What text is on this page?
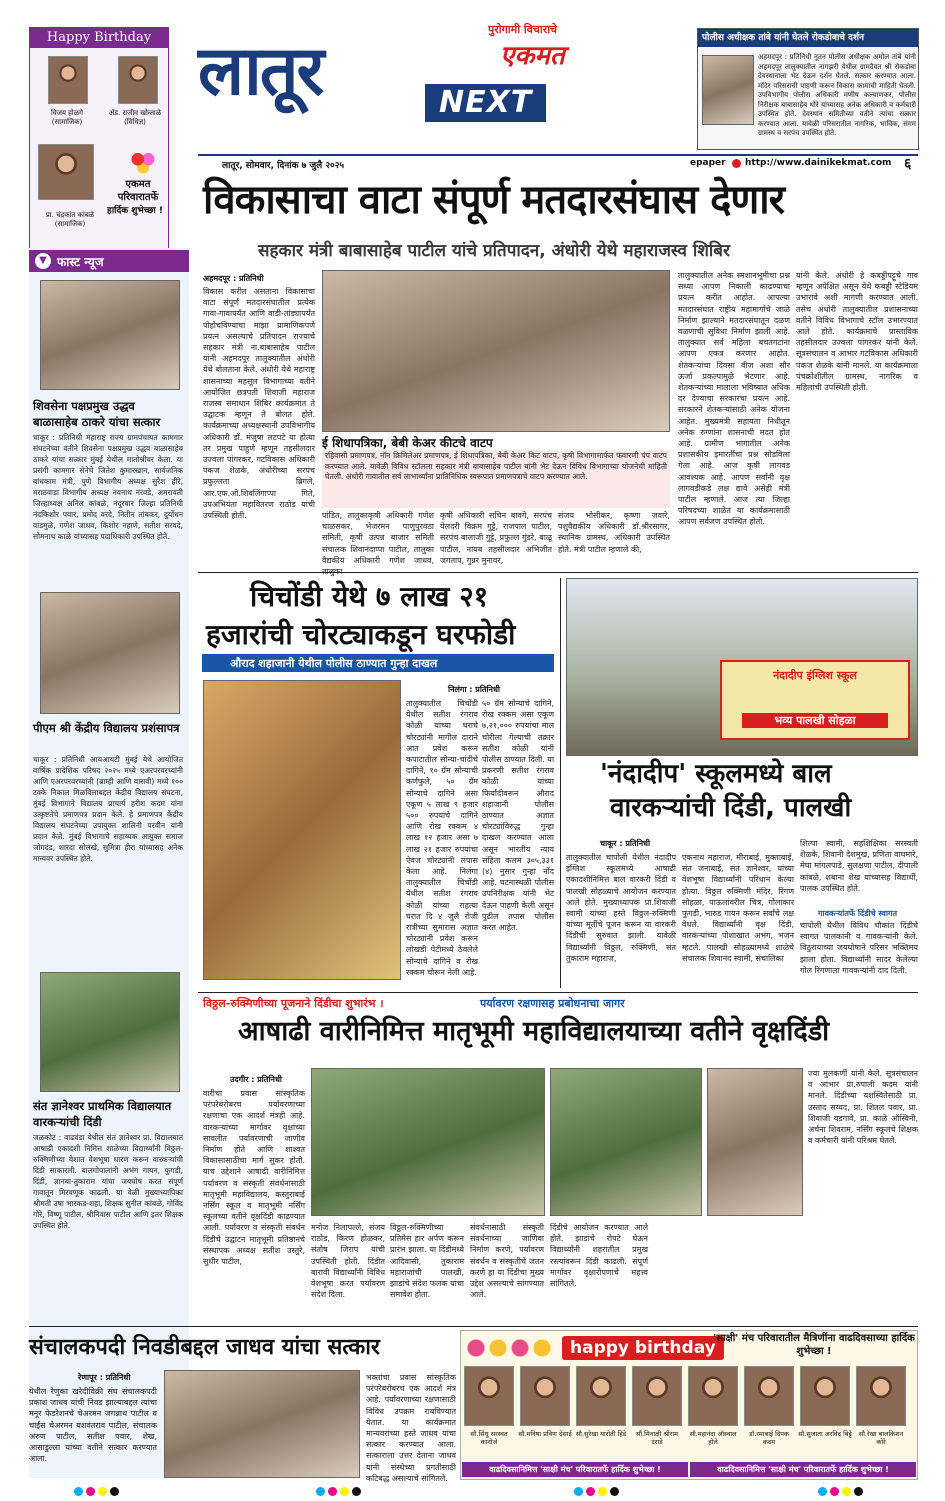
Happy Birthday
विजय होळगे
(सामाजिक)
ॲड. राजीव खोन्ताळे
(विधिज्ञ)
प्रा. चंद्रकांत कांबळे
(सामाजिक)
एकमत
परिवारातर्फे
हार्दिक शुभेच्छा !
लातूर	NEXT
पुरोगामी विचाराचे
एकमत
पोलीस अधीक्षक तांबे यांनी घेतले रोकडोबाचे दर्शन
अहमदपूर : प्रतिनिधी नूतन पोलीस अधीक्षक अमोल तांबे यांनी अहमदपूर तालुक्यातील नागझरी येथील ग्रामदैवत श्री रोकडोबा देवस्थानाला भेट देऊन दर्शन घेतले. सत्कार करण्यात आला. मंदिर परिसराची पाहणी करून विकास कामांची माहिती घेतली. उपविभागीय पोलीस अधिकारी मणीष कल्याणकर, पोलीस निरीक्षक बाबासाहेब थोरे यांच्यासह अनेक अधिकारी व कर्मचारी उपस्थित होते. देवस्थान समितीच्या वतीने त्यांचा सत्कार करण्यात आला. यावेळी परिसरातील नागरिक, भाविक, संगम ग्रामस्थ व सरपंच उपस्थित होते.
लातूर, सोमवार, दिनांक ७ जुलै २०२५	epaper http://www.dainikekmat.com ६
विकासाचा वाटा संपूर्ण मतदारसंघास देणार
सहकार मंत्री बाबासाहेब पाटील यांचे प्रतिपादन, अंधोरी येथे महाराजस्व शिबिर
▼ फास्ट न्यूज
शिवसेना पक्षप्रमुख उद्धव बाळासाहेब ठाकरे यांचा सत्कार
चाकूर : प्रतिनिधी महाराष्ट्र राज्य ग्रामपंचायत कामगार संघटनेच्या वतीने शिवसेना पक्षप्रमुख उद्धव बाळासाहेब ठाकरे यांचा सत्कार मुंबई येथील मातोश्रीवर केला. या प्रसंगी कामगार सेनेचे जितेश कुमारखान, सार्वजनिक बांधकाम मंत्री, पुणे विभागीय अध्यक्ष सुरेश हीरे, मराठवाडा विभागीय अध्यक्ष नवनाथ नरवडे, अमरावती जिल्हाध्यक्ष अनिल कांबळे, नंदुरबार जिल्हा प्रतिनिधी नंदकिशोर पवार, प्रमोद वरदे, नितीन तांबकर, दुर्योधन वाडमुळे, गणेश जाधव, किशोर नहाणे, सतीश सरवदे, सोमनाथ काळे यांच्यासह पदाधिकारी उपस्थित होते.
पीएम श्री केंद्रीय विद्यालय प्रशंसापत्र
चाकूर : प्रतिनिधी आयआयटी मुंबई येथे आयोजित वार्षिक प्रादेशिक परिषद २०२५ मध्ये एअरपरवरच्यांनी आणि एअरपरवरच्यांनी (ब्राम्ही आणि वासवी) मध्ये १०० टक्के निकाल मिळविलाबद्दल केंद्रीय विद्यालय संघटना, मुंबई विभागाने विद्यालय प्राचार्य हरीश कदम यांना उत्कृष्टतेचे प्रमाणपत्र प्रदान केले. हे प्रमाणपत्र केंद्रीय विद्यालय संघटनेच्या उपायुक्त शालिनी परवीन यांनी प्रदान केले. मुंबई विभागाचे सहाय्यक आयुक्त समाज जोगदंड, शारदा सोलंखे, सुमित्रा हीरा यांच्यासह अनेक मान्यवर उपस्थित होते.
संत ज्ञानेश्वर प्राथमिक विद्यालयात वारकऱ्यांची दिंडी
जळकोट : वाढवंडा येथील संत ज्ञानेश्वर प्रा. विद्यालयात आषाढी एकादशी निमित्त शाळेच्या विद्यार्थ्यांनी विठ्ठल-रुक्मिणीच्या वेशात वेशभूषा धारण करून वारकऱ्यांची दिंडी साकारली. बालगोपालांनी अभंग गायन, फुगडी, दिंडी, ज्ञानबा-तुकाराम यांचा जयघोष करत संपूर्ण गावातून मिरवणूक काढली. या वेळी मुख्याध्यापिका श्रीमती उषा भारकड-शहा, शिक्षक सुनील कांबळे, गोविंद गोरे, विष्णू पाटील, श्रीनिवास पाटील आणि इतर शिक्षक उपस्थित होते.
अहमदपूर : प्रतिनिधी
विकास करीत असताना विकासाचा वाटा संपूर्ण मतदारसंघातील प्रत्येक गावा-गावापर्यंत आणि वाडी-तांड्यापर्यंत पोहोचविण्याचा माझा प्रामाणिकपणे प्रयत्न असल्याचे प्रतिपादन राज्याचे सहकार मंत्री ना.बाबासाहेब पाटील यांनी अहमदपूर तालुक्यातील अंधोरी येथे बोलताना केले. अंधोरी येथे महाराष्ट्र शासनाच्या महसूल विभागाच्या वतीने आयोजित छत्रपती शिवाजी महाराज राजस्व समाधान शिबिर कार्यक्रमात ते उद्घाटक म्हणून ते बोलत होते. कार्यक्रमाच्या अध्यक्षस्थानी उपविभागीय अधिकारी डॉ. मंजुषा लटपटे या होत्या तर प्रमुख पाहुणे म्हणून तहसीलदार उज्वला पांगरकर, गटविकास अधिकारी पंकज शेळके, अंधोरीच्या सरपंच प्रफुल्लता ब्रिगले, आर.एफ.ओ.शिवलिंगाप्पा गिते, उपअभियंता महावितरण राठोड यांची उपस्थिती होती.
ई शिधापत्रिका, बेबी केअर कीटचे वाटप
रहिवासी प्रमाणपत्र, नॉन क्रिमिलेअर प्रमाणपत्र, ई शिधापत्रिका, बेबी केअर किट वाटप, कृषी विभागामार्फत फवारणी पंप वाटप करण्यात आले. यावेळी विविध स्टॉलला सहकार मंत्री बाबासाहेब पाटील यांनी भेट देऊन विविध विभागाच्या योजनेची माहिती घेतली. अंधोरी गावातील सर्व लाभार्थ्यांना प्रातिनिधिक स्वरूपात प्रमाणपत्राचे वाटप करण्यात आले.
पांडित, तालुकाकृषी अधिकारी गणेश चाळसकर, भेजरमन पाणुपुरवठा समिती, कृषी उत्पन्न बाजार समिती संचालक शिवानंदाप्पा पाटील, तालुका वैद्यकीय अधिकारी गणेश जाधव,
कृषी अधिकारी सचिन बावगे, सरपंच येलदरी विक्रम गुट्टे, राजपाल पाटील, सरपंच बालाजी गुट्टे, प्रफुल्ल गुंडरे, बाळू पाटील, नायब तहसीलदार अभिजीत जगताप, गुन्नर मुनावर,
संजय भोसीकर, कृष्णा जवारे, पशुवैद्यकीय अधिकारी डॉ.श्रीरसागर, स्थानिक ग्रामस्थ, अधिकारी उपस्थित होते. मंत्री पाटील म्हणाले की,
तालुक्यातील अनेक स्मशानभूमीचा प्रश्न सध्या आपण निकाली काढण्याचा प्रयत्न करीत आहोत. आपल्या मतदारसंघात राष्ट्रीय महामार्गाचे जाळे निर्माण झाल्याने मतदारसंघातून दळण वळणाची सुविधा निर्माण झाली आहे. तालुक्यात सर्व महिला बचतगटांना आपण एकत्र करणार आहोत. शेतकऱ्यांचा दिवसा वीज अशा सौर ऊर्जा प्रकल्पामुळे भेटणार आहे. शेतकऱ्यांच्या मालाला भविष्यात अधिक दर देण्याचा सरकारचा प्रयत्न आहे. सरकारने शेतकऱ्यांसाठी अनेक योजना आहेत. मुख्यमंत्री सहायता निधीतून अनेक रुग्णांना शासनाची मदत होत आहे. ग्रामीण भागातील अनेक प्रशासकीय इमारतींचा प्रश्न सोडविला गेला आहे. आज कृषी लागवड आवश्यक आहे. आपण सर्वांनी वृक्ष लागवडीकडे लक्ष द्यावे असेही मंत्री पाटील म्हणाले. आज त्या जिल्हा परिषदच्या शाळेत या कार्यक्रमासाठी आपण सर्वजण उपस्थित होतो.
यांनी केले. अंधोरी हे कबड्डीपट्टूचे गाव म्हणून अपेक्षित असून येथे कबड्डी स्टेडियम उभारावे अशी मागणी करण्यात आली. तसेच अंधोरी तालुक्यातील प्रशासनाच्या वतीने विविध विभागाचे स्टॉल उभारण्यात आले होते. कार्यक्रमाचे प्रास्ताविक तहसीलदार उज्वला पांगरकर यांनी केले. सूत्रसंचालन व आभार गटविकास अधिकारी पंकज शेळके यांनी मानले. या कार्यक्रमाला पंचक्रोशीतील ग्रामस्थ, नागरिक व महिलांची उपस्थिती होती.
चिचोंडी येथे ७ लाख २१
हजारांची चोरट्याकडून घरफोडी
औराद शहाजानी येथील पोलीस ठाण्यात गुन्हा दाखल
निलंगा : प्रतिनिधी
तालुक्यातील चिचोंडी येथील सतीश रंगराव कोळी यांच्या घराचे चोरट्यांनी मागील दाराने आत प्रवेश करून कपाटातील सोन्या-चांदीचे दागिने, १० ग्रॅम सोन्याची कर्णफुले, ५० ग्रॅम सोन्याचे दागिने असा एकूण ५ लाख ९ हजार ५०० रुपयांचे दागिने आणि रोख रक्कम ४ लाख १२ हजार असा ७ लाख २१ हजार रुपयांचा ऐवज चोरट्यांनी लंपास केला आहे. निलंगा तालुक्यातील चिचोंडी येथील सतीश रंगराव कोळी यांच्या राहत्या घरात दि ४ जुलै रोजी रात्रीच्या सुमारास अज्ञात चोरट्यांनी प्रवेश करून लोखंडी पेटीमध्ये ठेवलेले सोन्याचे दागिने व रोख रक्कम चोरून नेली आहे.
५० ग्रॅम सोन्याचे दागिने, रोख रक्कम असा एकूण ७,२१,००० रुपयांचा माल चोरीला गेल्याची तक्रार सतीश कोळी यांनी पोलीस ठाण्यात दिली. या प्रकरणी सतीश रंगराव कोळी यांच्या फिर्यादीवरून औराद शहाजानी पोलीस ठाण्यात अज्ञात चोरट्यांविरुद्ध गुन्हा दाखल करण्यात आला असून भारतीय न्याय संहिता कलम ३०५,३३१ (४) नुसार गुन्हा नोंद आहे. घटनास्थळी पोलीस उपनिरीक्षक यांनी भेट देऊन पाहणी केली असून पुढील तपास पोलीस करत आहेत.
नंदादीप इंग्लिश स्कूल
भव्य पालखी सोहळा
'नंदादीप' स्कूलमध्ये बाल
वारकऱ्यांची दिंडी, पालखी
चाकूर : प्रतिनिधी
तालुक्यातील चापोली येथील नंदादीप इंग्लिश स्कूलमध्ये आषाढी एकादशीनिमित्त बाल वारकरी दिंडी व पालखी सोहळ्याचे आयोजन करण्यात आले होते. मुख्याध्यापक प्रा.शिवाजी स्वामी यांच्या हस्ते विठ्ठल-रुक्मिणी यांच्या मूर्तीचे पूजन करून या वारकरी दिंडीची सुरुवात झाली. यावेळी विद्यार्थ्यांनी विठ्ठल, रुक्मिणी, संत तुकाराम महाराज,
एकनाथ महाराज, मीराबाई, मुक्ताबाई, संत जनाबाई, संत ज्ञानेश्वर, यांच्या वेशभूषा विद्यार्थ्यांनी परिधान केल्या होत्या. विठ्ठल रुक्मिणी मंदिर, रिंगण सोहळा, पाऊलांवरील चित्र, गोलाकार फुगडी, भारुड गायन करून सर्वांचे लक्ष वेधले. विद्यार्थ्यांनी वृक्ष दिंडी, वारकऱ्यांच्या पोशाखात अभंग, भजन म्हटले. पालखी सोहळ्यामध्ये शाळेचे संचालक शिवानंद स्वामी, संचालिका
शिल्पा स्वामी, सहशिक्षिका सरस्वती शेळके, शिवानी देशमुख, प्रणिता वाघमारे, मेघा मांगलपाडे, सुलक्षणा पाटील, दीपाली कांबळे, शबाना शेख यांच्यासह विद्यार्थी, पालक उपस्थित होते.
गावकऱ्यांतर्फे दिंडीचे स्वागत
चापोली येथील विविध चौकांत दिंडीचे स्वागत पालकांनी व गावकऱ्यांनी केले. विठुरायाच्या जयघोषाने परिसर भक्तिमय झाला होता. विद्यार्थ्यांनी सादर केलेल्या गोल रिंगणाला गावकऱ्यांनी दाद दिली.
विठ्ठल-रुक्मिणीच्या पूजनाने दिंडीचा शुभारंभ ।	पर्यावरण रक्षणासह प्रबोधनाचा जागर
आषाढी वारीनिमित्त मातृभूमी महाविद्यालयाच्या वतीने वृक्षदिंडी
उदगीर : प्रतिनिधी
वारीचा प्रवास सांस्कृतिक परंपरेबरोबरच पर्यावरणाच्या रक्षणाचा एक आदर्श मंत्रही आहे. वारकऱ्यांच्या मार्गावर वृक्षांच्या सावलीत पर्यावरणाची जाणीव निर्माण होते आणि शाश्वत विकासासाठीचा मार्ग सुकर होतो. याच उद्देशाने आषाढी वारीनिमित्त पर्यावरण व संस्कृती संवर्धनासाठी मातृभूमी महाविद्यालय, कस्तुराबाई नर्सिंग स्कूल व मातृभूमी नर्सिंग स्कूलच्या वतीने वृक्षदिंडी काढण्यात आली. पर्यावरण व संस्कृती संवर्धन दिंडीचे उद्घाटन मातृभूमी प्रतिष्ठानचे संस्थापक अध्यक्ष सतीश उस्तुरे, सुधीर पाटील,
मनोज निलापल्ले, संजय राठोड, किरण होळकर, संतोष जिराप यांची उपस्थिती होती. दिंडीत बारावी विद्यार्थ्यांनी विविध वेशभूषा करत पर्यावरण संदेश दिला.
विठ्ठल-रुक्मिणीच्या प्रतिमेस हार अर्पण करून प्रारंभ झाला. या दिंडीमध्ये आदिवासी, तुकाराम महाराजांची पालखी, झाडांचे संदेश फलक यांचा समावेश होता.
संवर्धनासाठी संस्कृती संवर्धनाच्या जाणिवा निर्माण करणे, पर्यावरण संवर्धन व संस्कृतीचे जतन करणे हा या दिंडीचा मुख्य उद्देश असल्याचे सांगण्यात आले.
दिंडीचे आयोजन करण्यात आले होते. झाडांचे रोपटे घेऊन विद्यार्थ्यांनी शहरातील प्रमुख रस्त्यांवरून दिंडी काढली. संपूर्ण मार्गावर वृक्षारोपणाचे महत्त्व सांगितले.
ज्या मुलकर्णी यांनी केले. सूत्रसंचालन व आभार प्रा.रुपाली कदम यांनी मानले. दिंडीच्या यशस्वितेसाठी प्रा. उस्ताद सय्यद, प्रा. शितल पवार, प्रा. शिवाजी वडगावे, प्रा. काळे ऑस्विनी, अर्चना शिवराम, नर्सिंग स्कूलचे शिक्षक व कर्मचारी यांनी परिश्रम घेतले.
संचालकपदी निवडीबद्दल जाधव यांचा सत्कार
रेणापूर : प्रतिनिधी
येथील रेणुका खरेदीविक्री संघ संचालकपदी प्रकाश जाधव यांची निवड झाल्याबद्दल त्यांचा मनूर फेडरेशनचे चेअरमन जगन्नाथ पाटील व चाईंस चेअरमन यशवंतराव पाटील, संचालक अरुण पाटील, सतीश पवार, शेख, आसाडुल्ला यांच्या वतीने सत्कार करण्यात आला.
भक्तांचा प्रवास सांस्कृतिक परंपरेबरोबरच एक आदर्श मंत्र आहे. पर्यावरणाच्या रक्षणासाठी विविध उपक्रम राबविण्यात येतात. या कार्यक्रमात मान्यवरांच्या हस्ते जाधव यांचा सत्कार करण्यात आला. सत्काराला उत्तर देताना जाधव यांनी संस्थेच्या प्रगतीसाठी कटिबद्ध असल्याचे सांगितले.
happy birthday
'साक्षी' मंच परिवारातील मैत्रिणींना वाढदिवसाच्या हार्दिक शुभेच्छा !
सौ.सिंधु सरस्वत कानोजे
सौ.मनिषा प्रविण देसाई सौ.सुरेखा मारोती हिंडे	सौ.मिनाक्षी श्रीराम दराडे
सौ.महानंदा ऑस्वाल होले
डॉ.रमाबाई दिपक कदम
सौ.सुजाता अरविंद बिट्टे	सौ.रेखा बालकिशन कोरे
वाढदिवसानिमित्त 'साक्षी मंच' परिवारातर्फे हार्दिक शुभेच्छा !	वाढदिवसानिमित्त 'साक्षी मंच' परिवारातर्फे हार्दिक शुभेच्छा !
